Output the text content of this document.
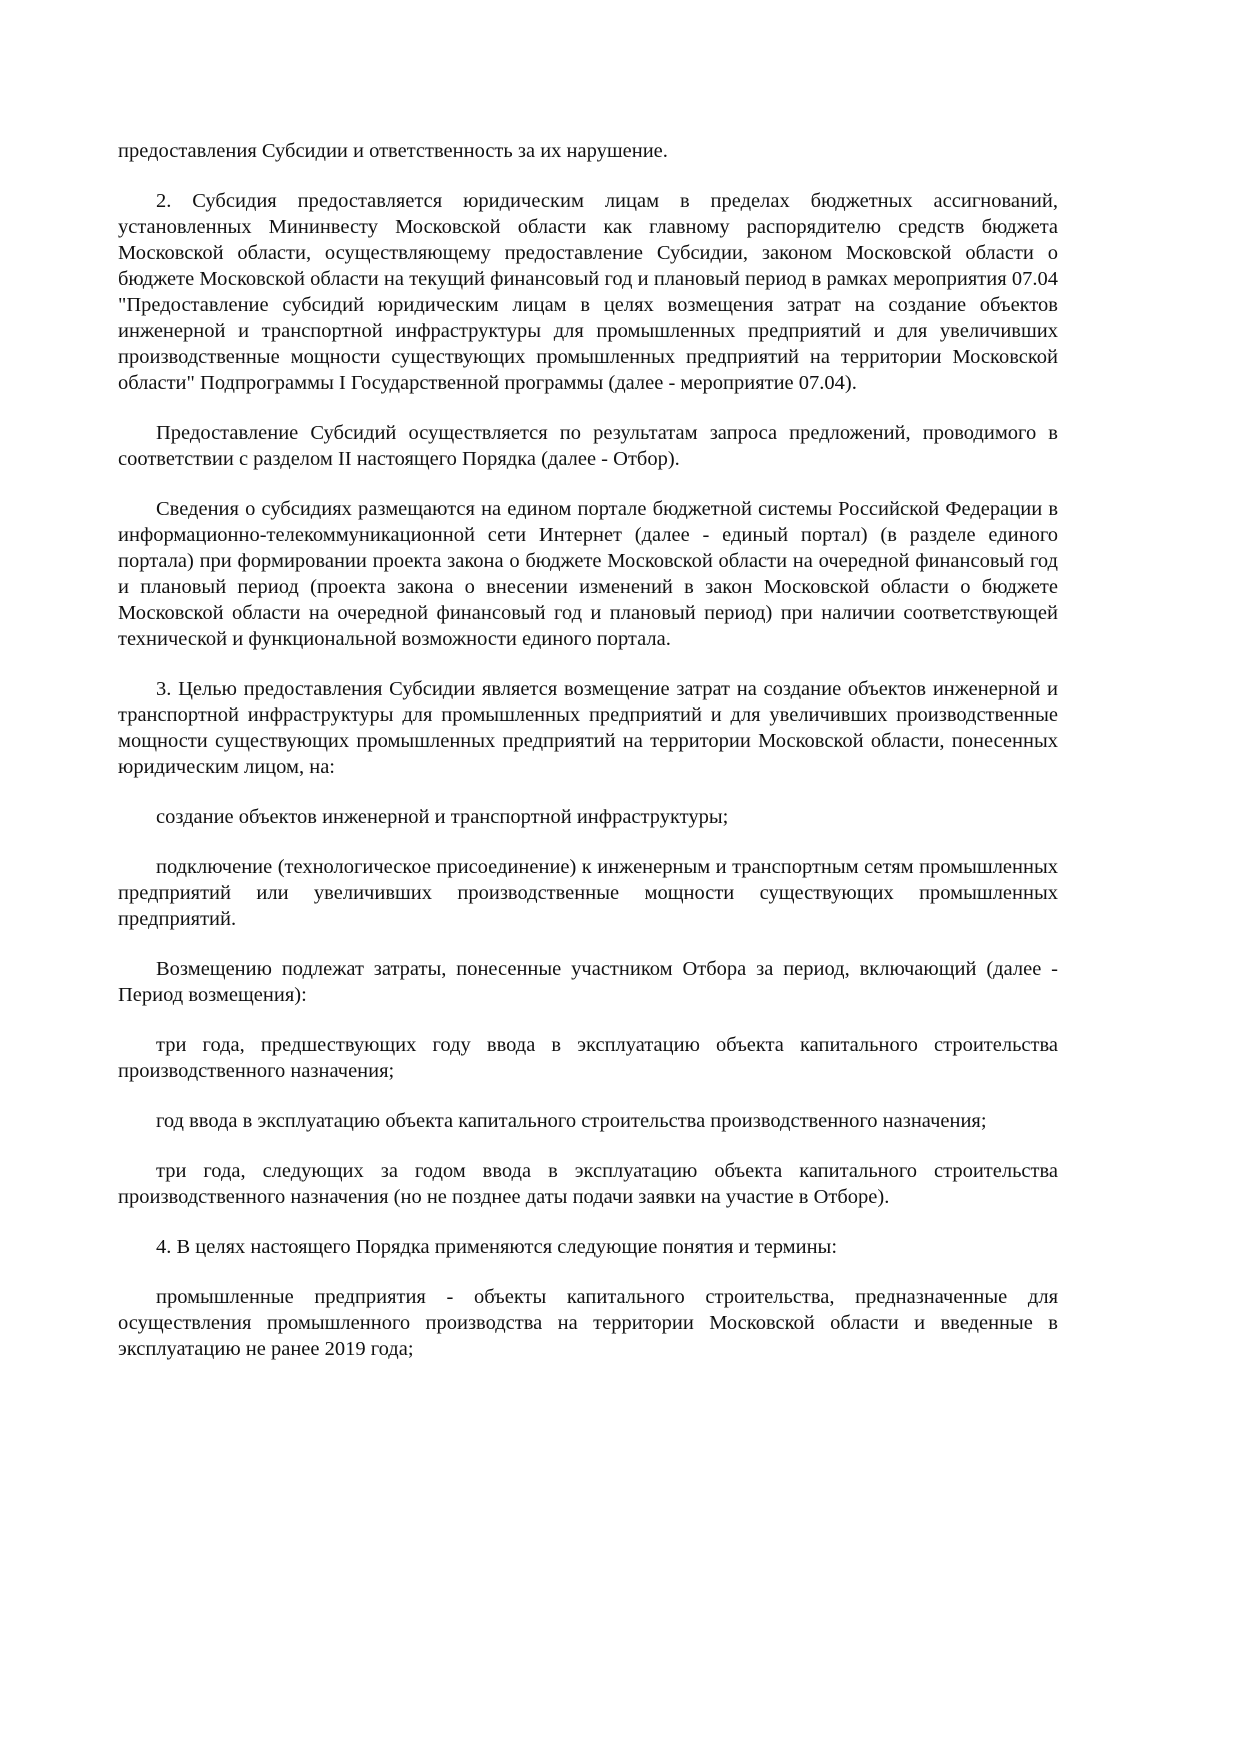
предоставления Субсидии и ответственность за их нарушение.

2. Субсидия предоставляется юридическим лицам в пределах бюджетных ассигнований, установленных Мининвесту Московской области как главному распорядителю средств бюджета Московской области, осуществляющему предоставление Субсидии, законом Московской области о бюджете Московской области на текущий финансовый год и плановый период в рамках мероприятия 07.04 "Предоставление субсидий юридическим лицам в целях возмещения затрат на создание объектов инженерной и транспортной инфраструктуры для промышленных предприятий и для увеличивших производственные мощности существующих промышленных предприятий на территории Московской области" Подпрограммы I Государственной программы (далее - мероприятие 07.04).

Предоставление Субсидий осуществляется по результатам запроса предложений, проводимого в соответствии с разделом II настоящего Порядка (далее - Отбор).

Сведения о субсидиях размещаются на едином портале бюджетной системы Российской Федерации в информационно-телекоммуникационной сети Интернет (далее - единый портал) (в разделе единого портала) при формировании проекта закона о бюджете Московской области на очередной финансовый год и плановый период (проекта закона о внесении изменений в закон Московской области о бюджете Московской области на очередной финансовый год и плановый период) при наличии соответствующей технической и функциональной возможности единого портала.

3. Целью предоставления Субсидии является возмещение затрат на создание объектов инженерной и транспортной инфраструктуры для промышленных предприятий и для увеличивших производственные мощности существующих промышленных предприятий на территории Московской области, понесенных юридическим лицом, на:

создание объектов инженерной и транспортной инфраструктуры;

подключение (технологическое присоединение) к инженерным и транспортным сетям промышленных предприятий или увеличивших производственные мощности существующих промышленных предприятий.

Возмещению подлежат затраты, понесенные участником Отбора за период, включающий (далее - Период возмещения):

три года, предшествующих году ввода в эксплуатацию объекта капитального строительства производственного назначения;

год ввода в эксплуатацию объекта капитального строительства производственного назначения;

три года, следующих за годом ввода в эксплуатацию объекта капитального строительства производственного назначения (но не позднее даты подачи заявки на участие в Отборе).

4. В целях настоящего Порядка применяются следующие понятия и термины:

промышленные предприятия - объекты капитального строительства, предназначенные для осуществления промышленного производства на территории Московской области и введенные в эксплуатацию не ранее 2019 года;
